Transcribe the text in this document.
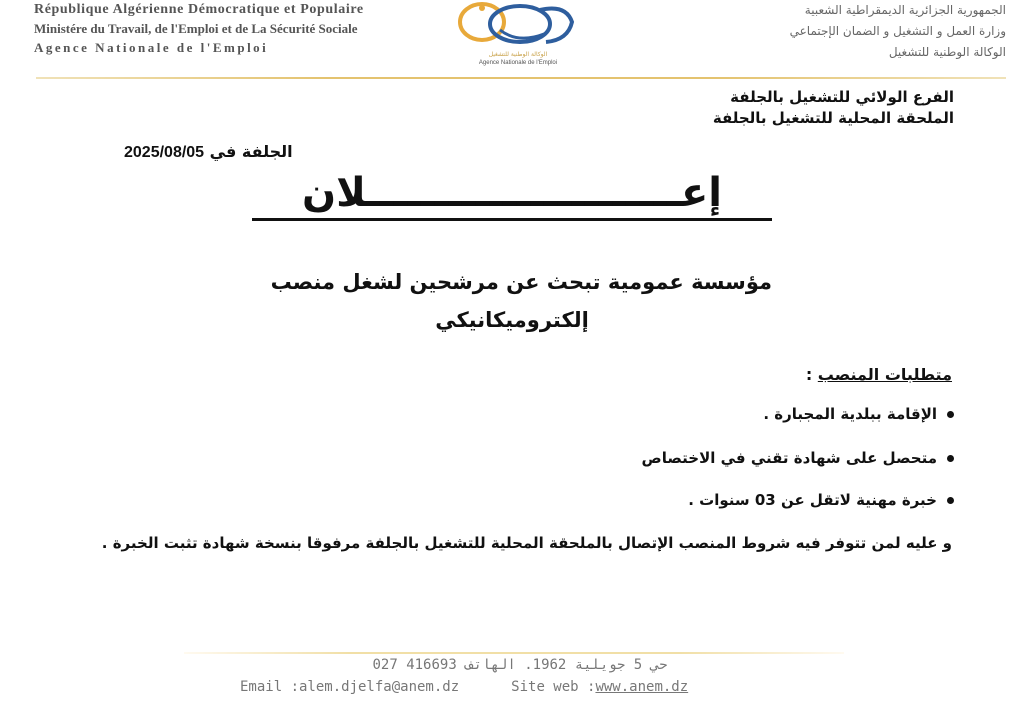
République Algérienne Démocratique et Populaire
Ministére du Travail, de l'Emploi et de La Sécurité Sociale
Agence Nationale de l'Emploi	الوكالة الوطنية للتشغيل
Agence Nationale de l'Emploi
الجمهورية الجزائرية الديمقراطية الشعبية
وزارة العمل و التشغيل و الضمان الإجتماعي
الوكالة الوطنية للتشغيل
الفرع الولائي للتشغيل بالجلفة
الملحقة المحلية للتشغيل بالجلفة
الجلفة في 2025/08/05
إعـــــــــــــــــــــــلان
مؤسسة عمومية تبحث عن مرشحين لشغل منصب
إلكتروميكانيكي
متطلبات المنصب :
الإقامة ببلدية المجبارة .
متحصل على شهادة تقني في الاختصاص
خبرة مهنية لاتقل عن 03 سنوات .
و عليه لمن تتوفر فيه شروط المنصب الإتصال بالملحقة المحلية للتشغيل بالجلفة مرفوقا بنسخة شهادة تثبت الخبرة .
حي 5 جويلية 1962. الهاتف 416693 027
Email :alem.djelfa@anem.dz	Site web :www.anem.dz
